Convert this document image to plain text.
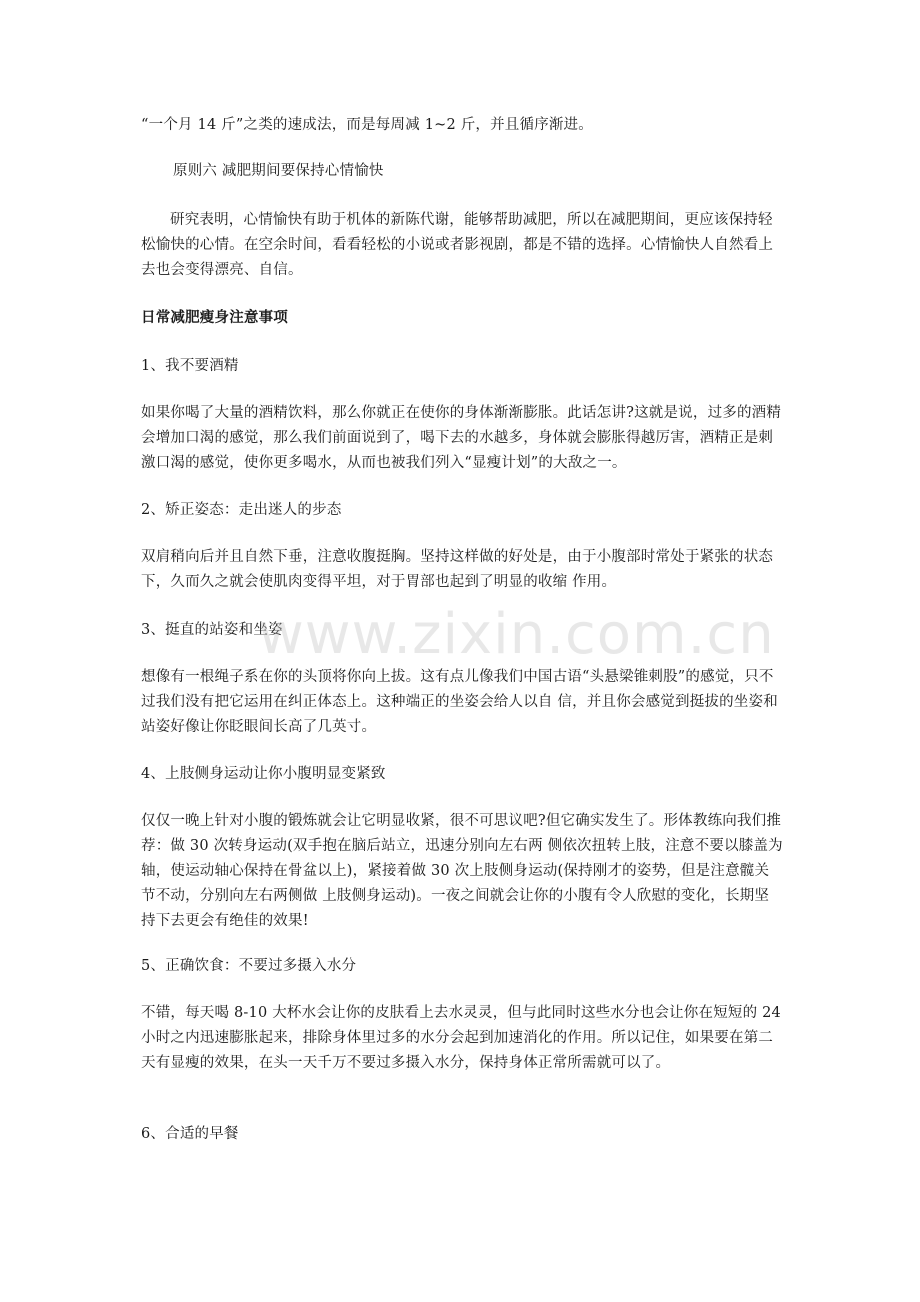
“一个月 14 斤”之类的速成法，而是每周减 1~2 斤，并且循序渐进。

原则六 减肥期间要保持心情愉快

研究表明，心情愉快有助于机体的新陈代谢，能够帮助减肥，所以在减肥期间，更应该保持轻松愉快的心情。在空余时间，看看轻松的小说或者影视剧，都是不错的选择。心情愉快人自然看上去也会变得漂亮、自信。

日常减肥瘦身注意事项

1、我不要酒精

如果你喝了大量的酒精饮料，那么你就正在使你的身体渐渐膨胀。此话怎讲?这就是说，过多的酒精会增加口渴的感觉，那么我们前面说到了，喝下去的水越多，身体就会膨胀得越厉害，酒精正是刺激口渴的感觉，使你更多喝水，从而也被我们列入“显瘦计划”的大敌之一。

2、矫正姿态：走出迷人的步态

双肩稍向后并且自然下垂，注意收腹挺胸。坚持这样做的好处是，由于小腹部时常处于紧张的状态下，久而久之就会使肌肉变得平坦，对于胃部也起到了明显的收缩 作用。

3、挺直的站姿和坐姿

想像有一根绳子系在你的头顶将你向上拔。这有点儿像我们中国古语“头悬梁锥刺股”的感觉，只不过我们没有把它运用在纠正体态上。这种端正的坐姿会给人以自 信，并且你会感觉到挺拔的坐姿和站姿好像让你眨眼间长高了几英寸。

4、上肢侧身运动让你小腹明显变紧致

仅仅一晚上针对小腹的锻炼就会让它明显收紧，很不可思议吧?但它确实发生了。形体教练向我们推荐：做 30 次转身运动(双手抱在脑后站立，迅速分别向左右两 侧依次扭转上肢，注意不要以膝盖为轴，使运动轴心保持在骨盆以上)，紧接着做 30 次上肢侧身运动(保持刚才的姿势，但是注意髋关节不动，分别向左右两侧做 上肢侧身运动)。一夜之间就会让你的小腹有令人欣慰的变化，长期坚持下去更会有绝佳的效果!

5、正确饮食：不要过多摄入水分

不错，每天喝 8-10 大杯水会让你的皮肤看上去水灵灵，但与此同时这些水分也会让你在短短的 24 小时之内迅速膨胀起来，排除身体里过多的水分会起到加速消化的作用。所以记住，如果要在第二天有显瘦的效果，在头一天千万不要过多摄入水分，保持身体正常所需就可以了。

6、合适的早餐

www.zixin.com.cn
